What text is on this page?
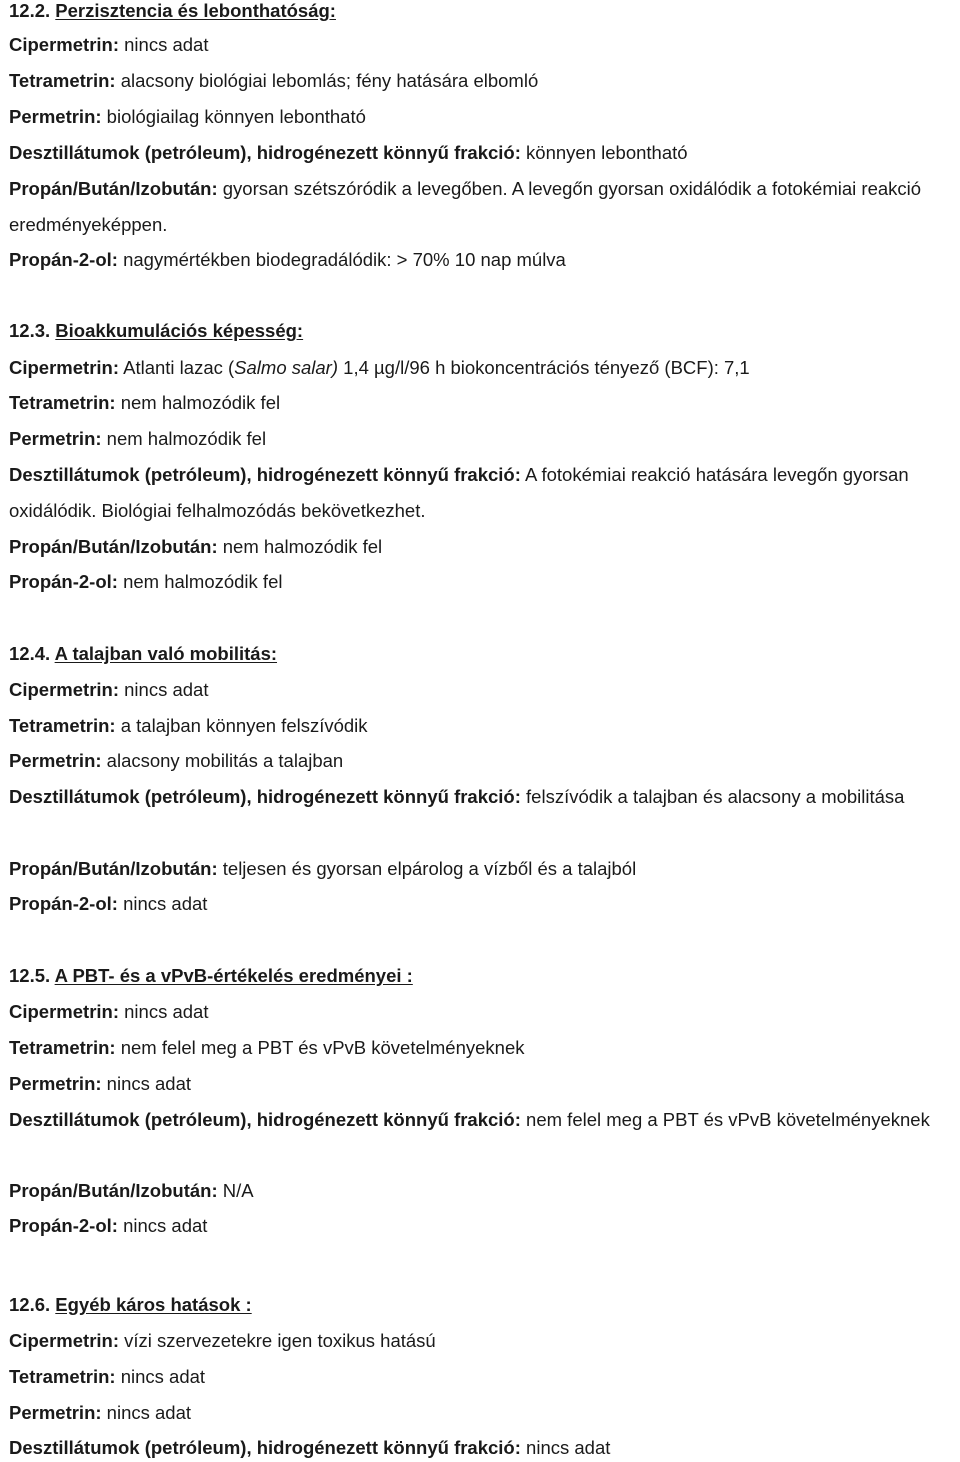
12.2. Perzisztencia és lebonthatóság:

Cipermetrin: nincs adat

Tetrametrin: alacsony biológiai lebomlás; fény hatására elbomló

Permetrin: biológiailag könnyen lebontható

Desztillátumok (petróleum), hidrogénezett könnyű frakció: könnyen lebontható

Propán/Bután/Izobután: gyorsan szétszóródik a levegőben. A levegőn gyorsan oxidálódik a fotokémiai reakció eredményeképpen.

Propán-2-ol: nagymértékben biodegradálódik: > 70% 10 nap múlva

12.3. Bioakkumulációs képesség:

Cipermetrin: Atlanti lazac (Salmo salar) 1,4 µg/l/96 h biokoncentrációs tényező (BCF): 7,1

Tetrametrin: nem halmozódik fel

Permetrin: nem halmozódik fel

Desztillátumok (petróleum), hidrogénezett könnyű frakció: A fotokémiai reakció hatására levegőn gyorsan oxidálódik. Biológiai felhalmozódás bekövetkezhet.

Propán/Bután/Izobután: nem halmozódik fel

Propán-2-ol: nem halmozódik fel

12.4. A talajban való mobilitás:

Cipermetrin: nincs adat

Tetrametrin: a talajban könnyen felszívódik

Permetrin: alacsony mobilitás a talajban

Desztillátumok (petróleum), hidrogénezett könnyű frakció: felszívódik a talajban és alacsony a mobilitása

Propán/Bután/Izobután: teljesen és gyorsan elpárolog a vízből és a talajból

Propán-2-ol: nincs adat

12.5. A PBT- és a vPvB-értékelés eredményei :

Cipermetrin: nincs adat

Tetrametrin: nem felel meg a PBT és vPvB követelményeknek

Permetrin: nincs adat

Desztillátumok (petróleum), hidrogénezett könnyű frakció: nem felel meg a PBT és vPvB követelményeknek

Propán/Bután/Izobután: N/A

Propán-2-ol: nincs adat

12.6. Egyéb káros hatások :

Cipermetrin: vízi szervezetekre igen toxikus hatású

Tetrametrin: nincs adat

Permetrin: nincs adat

Desztillátumok (petróleum), hidrogénezett könnyű frakció: nincs adat
